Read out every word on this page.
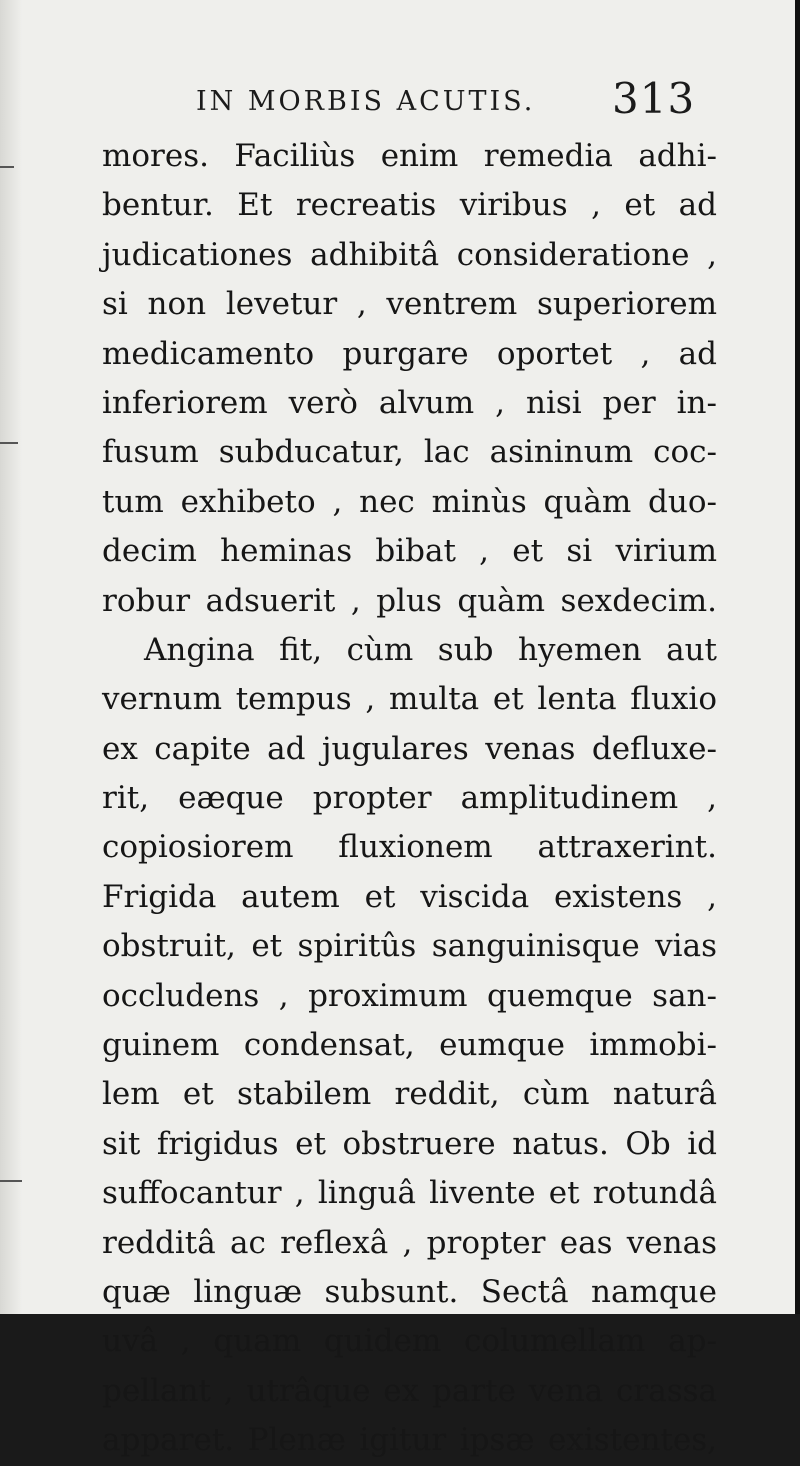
IN MORBIS ACUTIS. 313
mores. Faciliùs enim remedia adhi-
bentur. Et recreatis viribus , et ad
judicationes adhibitâ consideratione ,
si non levetur , ventrem superiorem
medicamento purgare oportet , ad
inferiorem verò alvum , nisi per in-
fusum subducatur, lac asininum coc-
tum exhibeto , nec minùs quàm duo-
decim heminas bibat , et si virium
robur adsuerit , plus quàm sexdecim.
Angina fit, cùm sub hyemen aut
vernum tempus , multa et lenta fluxio
ex capite ad jugulares venas defluxe-
rit, eæque propter amplitudinem ,
copiosiorem fluxionem attraxerint.
Frigida autem et viscida existens ,
obstruit, et spiritûs sanguinisque vias
occludens , proximum quemque san-
guinem condensat, eumque immobi-
lem et stabilem reddit, cùm naturâ
sit frigidus et obstruere natus. Ob id
suffocantur , linguâ livente et rotundâ
redditâ ac reflexâ , propter eas venas
quæ linguæ subsunt. Sectâ namque
uvâ , quam quidem columellam ap-
pellant , utrâque ex parte vena crassa
apparet. Plenæ igitur ipsæ existentes,
